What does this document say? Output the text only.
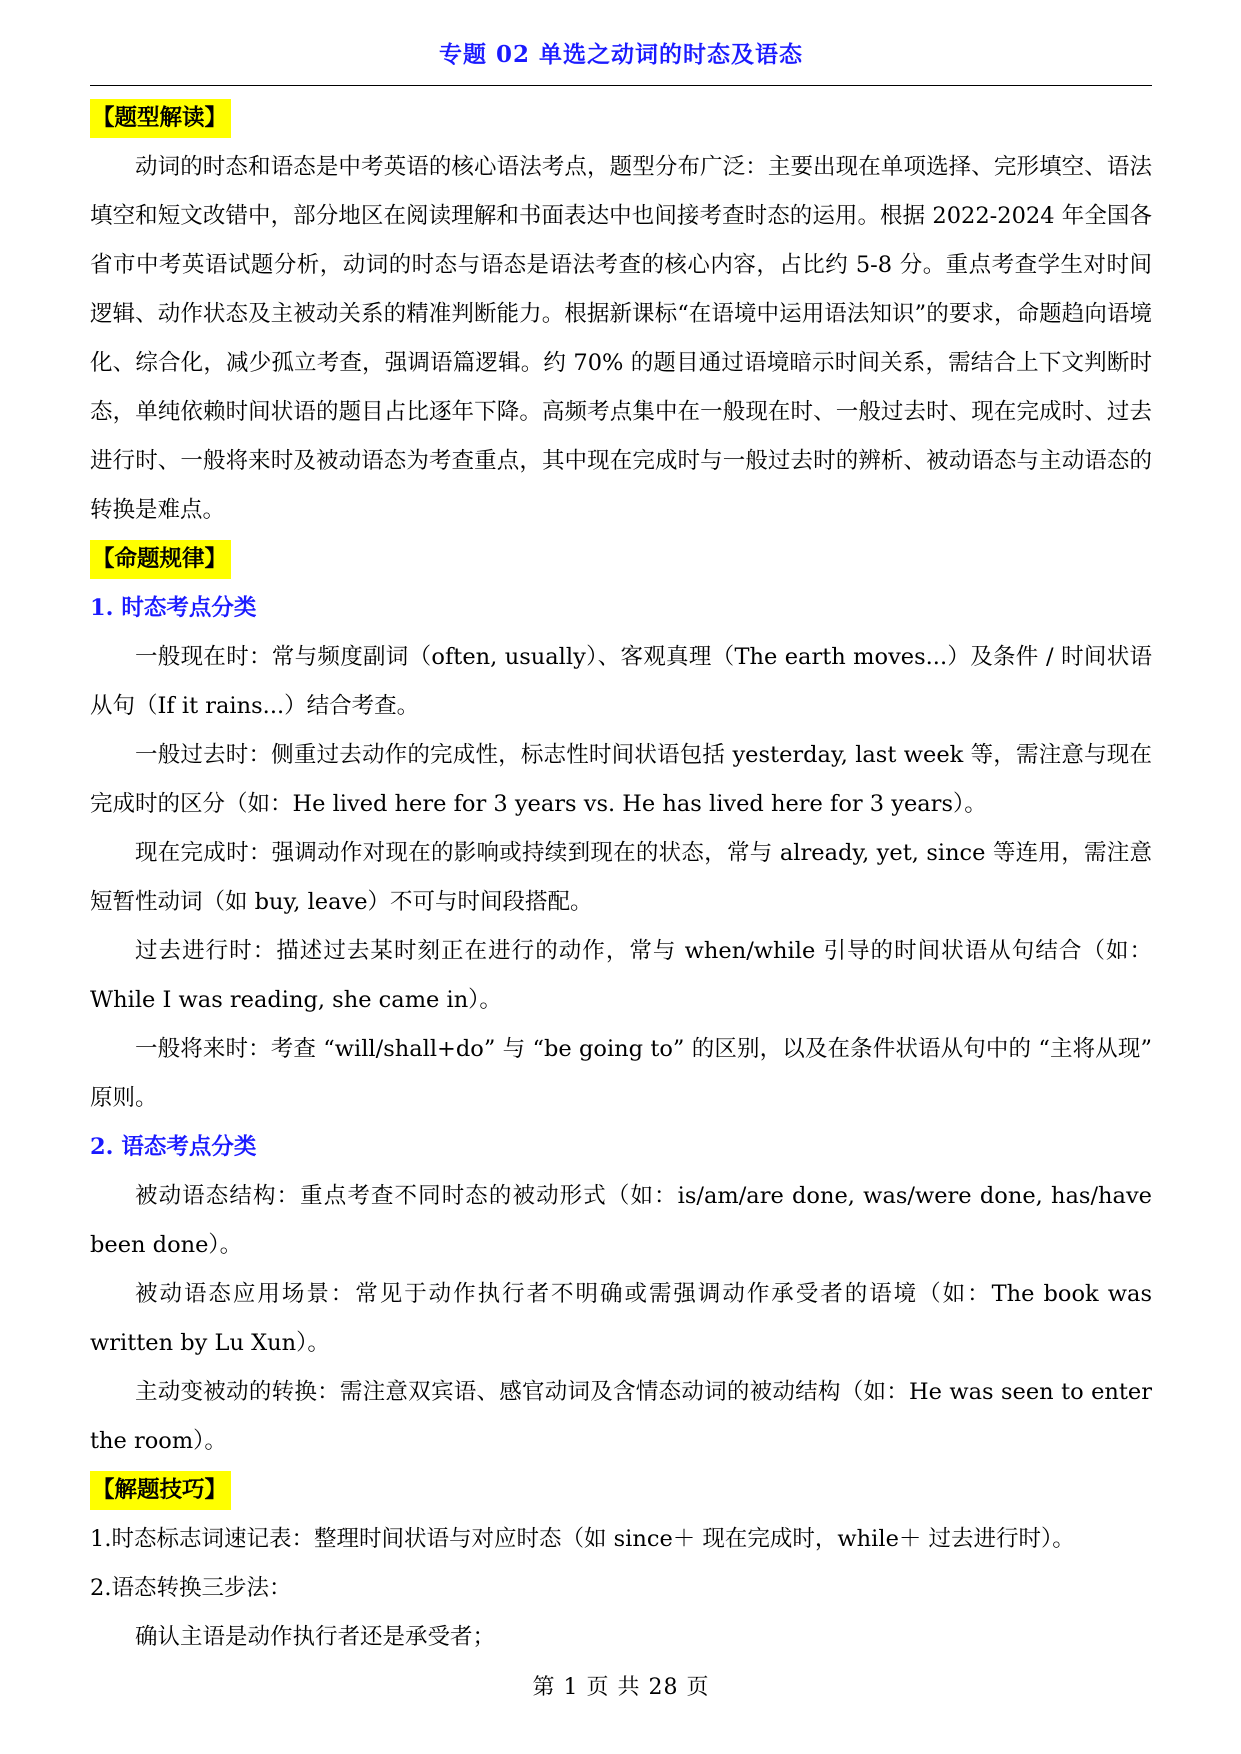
专题 02 单选之动词的时态及语态
【题型解读】

动词的时态和语态是中考英语的核心语法考点，题型分布广泛：主要出现在单项选择、完形填空、语法填空和短文改错中，部分地区在阅读理解和书面表达中也间接考查时态的运用。根据 2022-2024 年全国各省市中考英语试题分析，动词的时态与语态是语法考查的核心内容，占比约 5-8 分。重点考查学生对时间逻辑、动作状态及主被动关系的精准判断能力。根据新课标“在语境中运用语法知识”的要求，命题趋向语境化、综合化，减少孤立考查，强调语篇逻辑。约 70% 的题目通过语境暗示时间关系，需结合上下文判断时态，单纯依赖时间状语的题目占比逐年下降。高频考点集中在一般现在时、一般过去时、现在完成时、过去进行时、一般将来时及被动语态为考查重点，其中现在完成时与一般过去时的辨析、被动语态与主动语态的转换是难点。

【命题规律】
1. 时态考点分类

一般现在时：常与频度副词（often, usually）、客观真理（The earth moves...）及条件 / 时间状语从句（If it rains...）结合考查。

一般过去时：侧重过去动作的完成性，标志性时间状语包括 yesterday, last week 等，需注意与现在完成时的区分（如：He lived here for 3 years vs. He has lived here for 3 years）。

现在完成时：强调动作对现在的影响或持续到现在的状态，常与 already, yet, since 等连用，需注意短暂性动词（如 buy, leave）不可与时间段搭配。

过去进行时：描述过去某时刻正在进行的动作，常与 when/while 引导的时间状语从句结合（如：While I was reading, she came in）。

一般将来时：考查 “will/shall+do” 与 “be going to” 的区别，以及在条件状语从句中的 “主将从现” 原则。

2. 语态考点分类

被动语态结构：重点考查不同时态的被动形式（如：is/am/are done, was/were done, has/have been done）。

被动语态应用场景：常见于动作执行者不明确或需强调动作承受者的语境（如：The book was written by Lu Xun）。

主动变被动的转换：需注意双宾语、感官动词及含情态动词的被动结构（如：He was seen to enter the room）。

【解题技巧】
1.时态标志词速记表：整理时间状语与对应时态（如 since＋ 现在完成时，while＋ 过去进行时）。
2.语态转换三步法：
确认主语是动作执行者还是承受者；
第 1 页 共 28 页
